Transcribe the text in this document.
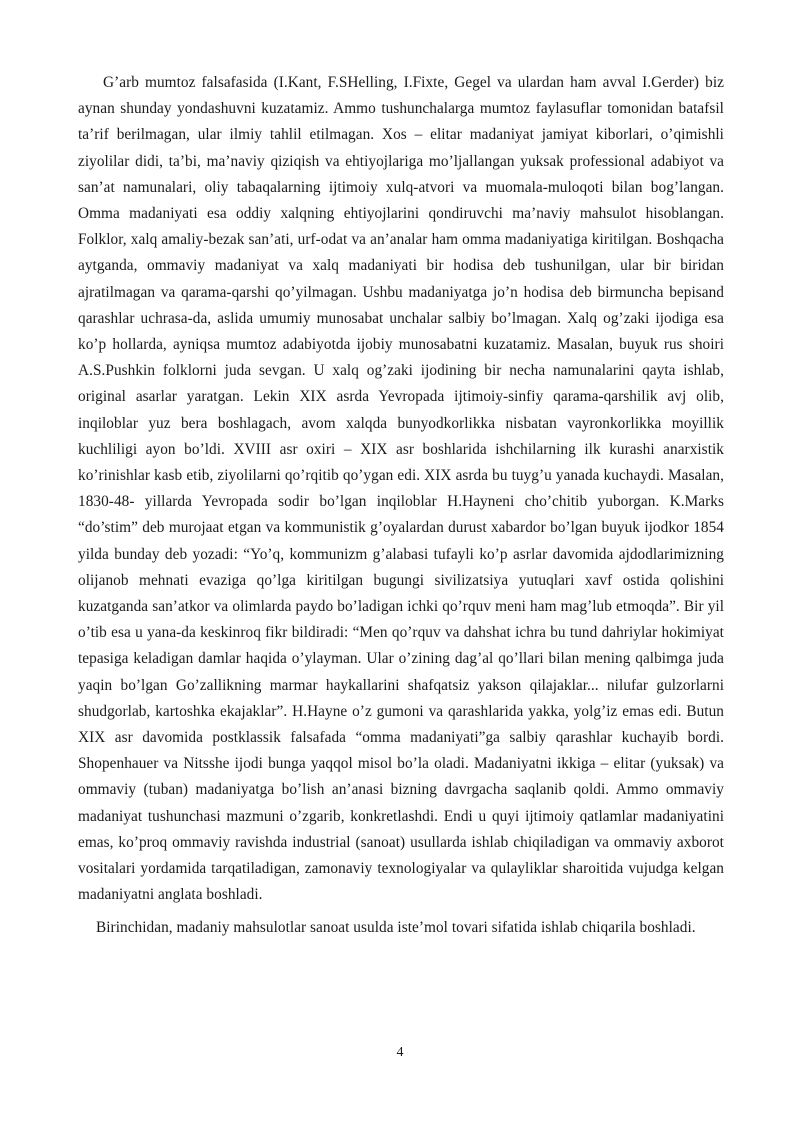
G’arb mumtoz falsafasida (I.Kant, F.SHelling, I.Fixte, Gegel va ulardan ham avval I.Gerder) biz aynan shunday yondashuvni kuzatamiz. Ammo tushunchalarga mumtoz faylasuflar tomonidan batafsil ta’rif berilmagan, ular ilmiy tahlil etilmagan. Xos – elitar madaniyat jamiyat kiborlari, o’qimishli ziyolilar didi, ta’bi, ma’naviy qiziqish va ehtiyojlariga mo’ljallangan yuksak professional adabiyot va san’at namunalari, oliy tabaqalarning ijtimoiy xulq-atvori va muomala-muloqoti bilan bog’langan. Omma madaniyati esa oddiy xalqning ehtiyojlarini qondiruvchi ma’naviy mahsulot hisoblangan. Folklor, xalq amaliy-bezak san’ati, urf-odat va an’analar ham omma madaniyatiga kiritilgan. Boshqacha aytganda, ommaviy madaniyat va xalq madaniyati bir hodisa deb tushunilgan, ular bir biridan ajratilmagan va qarama-qarshi qo’yilmagan. Ushbu madaniyatga jo’n hodisa deb birmuncha bepisand qarashlar uchrasa-da, aslida umumiy munosabat unchalar salbiy bo’lmagan. Xalq og’zaki ijodiga esa ko’p hollarda, ayniqsa mumtoz adabiyotda ijobiy munosabatni kuzatamiz. Masalan, buyuk rus shoiri A.S.Pushkin folklorni juda sevgan. U xalq og’zaki ijodining bir necha namunalarini qayta ishlab, original asarlar yaratgan. Lekin XIX asrda Yevropada ijtimoiy-sinfiy qarama-qarshilik avj olib, inqiloblar yuz bera boshlagach, avom xalqda bunyodkorlikka nisbatan vayronkorlikka moyillik kuchliligi ayon bo’ldi. XVIII asr oxiri – XIX asr boshlarida ishchilarning ilk kurashi anarxistik ko’rinishlar kasb etib, ziyolilarni qo’rqitib qo’ygan edi. XIX asrda bu tuyg’u yanada kuchaydi. Masalan, 1830-48- yillarda Yevropada sodir bo’lgan inqiloblar H.Hayneni cho’chitib yuborgan. K.Marks “do’stim” deb murojaat etgan va kommunistik g’oyalardan durust xabardor bo’lgan buyuk ijodkor 1854 yilda bunday deb yozadi: “Yo’q, kommunizm g’alabasi tufayli ko’p asrlar davomida ajdodlarimizning olijanob mehnati evaziga qo’lga kiritilgan bugungi sivilizatsiya yutuqlari xavf ostida qolishini kuzatganda san’atkor va olimlarda paydo bo’ladigan ichki qo’rquv meni ham mag’lub etmoqda”. Bir yil o’tib esa u yana-da keskinroq fikr bildiradi: “Men qo’rquv va dahshat ichra bu tund dahriylar hokimiyat tepasiga keladigan damlar haqida o’ylayman. Ular o’zining dag’al qo’llari bilan mening qalbimga juda yaqin bo’lgan Go’zallikning marmar haykallarini shafqatsiz yakson qilajaklar... nilufar gulzorlarni shudgorlab, kartoshka ekajaklar”. H.Hayne o’z gumoni va qarashlarida yakka, yolg’iz emas edi. Butun XIX asr davomida postklassik falsafada “omma madaniyati”ga salbiy qarashlar kuchayib bordi. Shopenhauer va Nitsshe ijodi bunga yaqqol misol bo’la oladi. Madaniyatni ikkiga – elitar (yuksak) va ommaviy (tuban) madaniyatga bo’lish an’anasi bizning davrgacha saqlanib qoldi. Ammo ommaviy madaniyat tushunchasi mazmuni o’zgarib, konkretlashdi. Endi u quyi ijtimoiy qatlamlar madaniyatini emas, ko’proq ommaviy ravishda industrial (sanoat) usullarda ishlab chiqiladigan va ommaviy axborot vositalari yordamida tarqatiladigan, zamonaviy texnologiyalar va qulayliklar sharoitida vujudga kelgan madaniyatni anglata boshladi.

Birinchidan, madaniy mahsulotlar sanoat usulda iste’mol tovari sifatida ishlab chiqarila boshladi.

4
